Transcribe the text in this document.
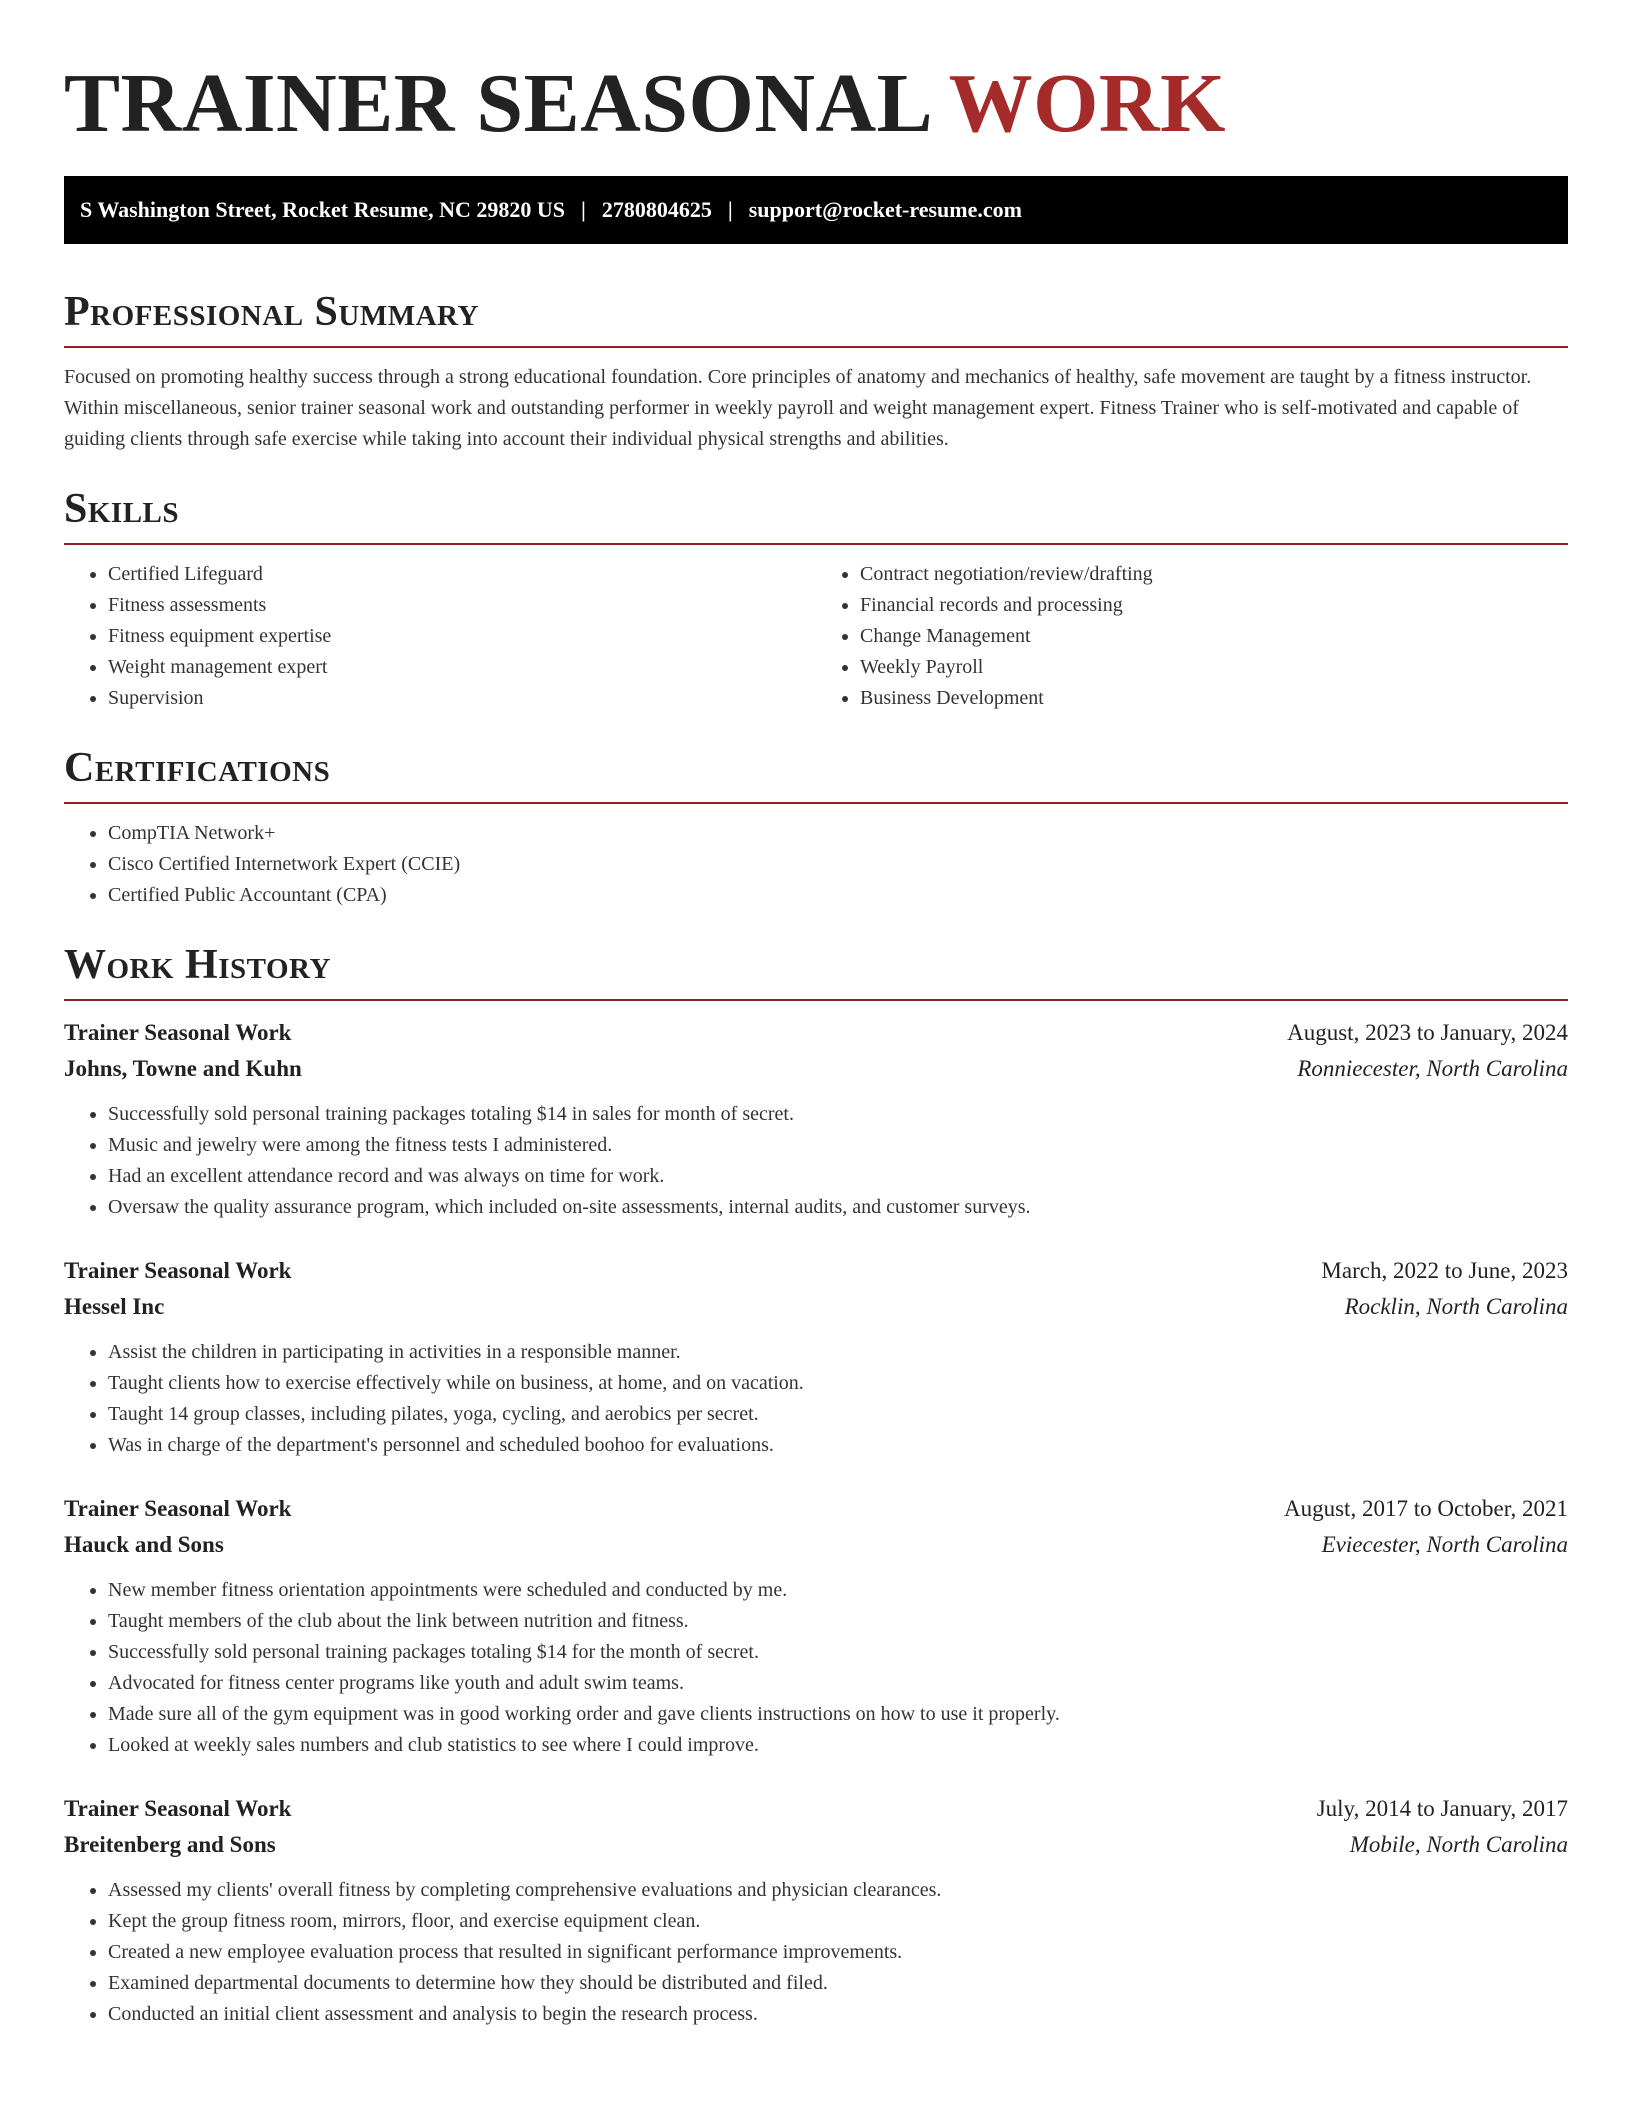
TRAINER SEASONAL WORK
S Washington Street, Rocket Resume, NC 29820 US | 2780804625 | support@rocket-resume.com
Professional Summary

Focused on promoting healthy success through a strong educational foundation. Core principles of anatomy and mechanics of healthy, safe movement are taught by a fitness instructor. Within miscellaneous, senior trainer seasonal work and outstanding performer in weekly payroll and weight management expert. Fitness Trainer who is self-motivated and capable of guiding clients through safe exercise while taking into account their individual physical strengths and abilities.

Skills
• Certified Lifeguard
• Fitness assessments
• Fitness equipment expertise
• Weight management expert
• Supervision
• Contract negotiation/review/drafting
• Financial records and processing
• Change Management
• Weekly Payroll
• Business Development
Certifications
• CompTIA Network+
• Cisco Certified Internetwork Expert (CCIE)
• Certified Public Accountant (CPA)
Work History
Trainer Seasonal Work	August, 2023 to January, 2024
Johns, Towne and Kuhn	Ronniecester, North Carolina
• Successfully sold personal training packages totaling $14 in sales for month of secret.
• Music and jewelry were among the fitness tests I administered.
• Had an excellent attendance record and was always on time for work.
• Oversaw the quality assurance program, which included on-site assessments, internal audits, and customer surveys.
Trainer Seasonal Work	March, 2022 to June, 2023
Hessel Inc	Rocklin, North Carolina
• Assist the children in participating in activities in a responsible manner.
• Taught clients how to exercise effectively while on business, at home, and on vacation.
• Taught 14 group classes, including pilates, yoga, cycling, and aerobics per secret.
• Was in charge of the department's personnel and scheduled boohoo for evaluations.
Trainer Seasonal Work	August, 2017 to October, 2021
Hauck and Sons	Eviecester, North Carolina
• New member fitness orientation appointments were scheduled and conducted by me.
• Taught members of the club about the link between nutrition and fitness.
• Successfully sold personal training packages totaling $14 for the month of secret.
• Advocated for fitness center programs like youth and adult swim teams.
• Made sure all of the gym equipment was in good working order and gave clients instructions on how to use it properly.
• Looked at weekly sales numbers and club statistics to see where I could improve.
Trainer Seasonal Work	July, 2014 to January, 2017
Breitenberg and Sons	Mobile, North Carolina
• Assessed my clients' overall fitness by completing comprehensive evaluations and physician clearances.
• Kept the group fitness room, mirrors, floor, and exercise equipment clean.
• Created a new employee evaluation process that resulted in significant performance improvements.
• Examined departmental documents to determine how they should be distributed and filed.
• Conducted an initial client assessment and analysis to begin the research process.
